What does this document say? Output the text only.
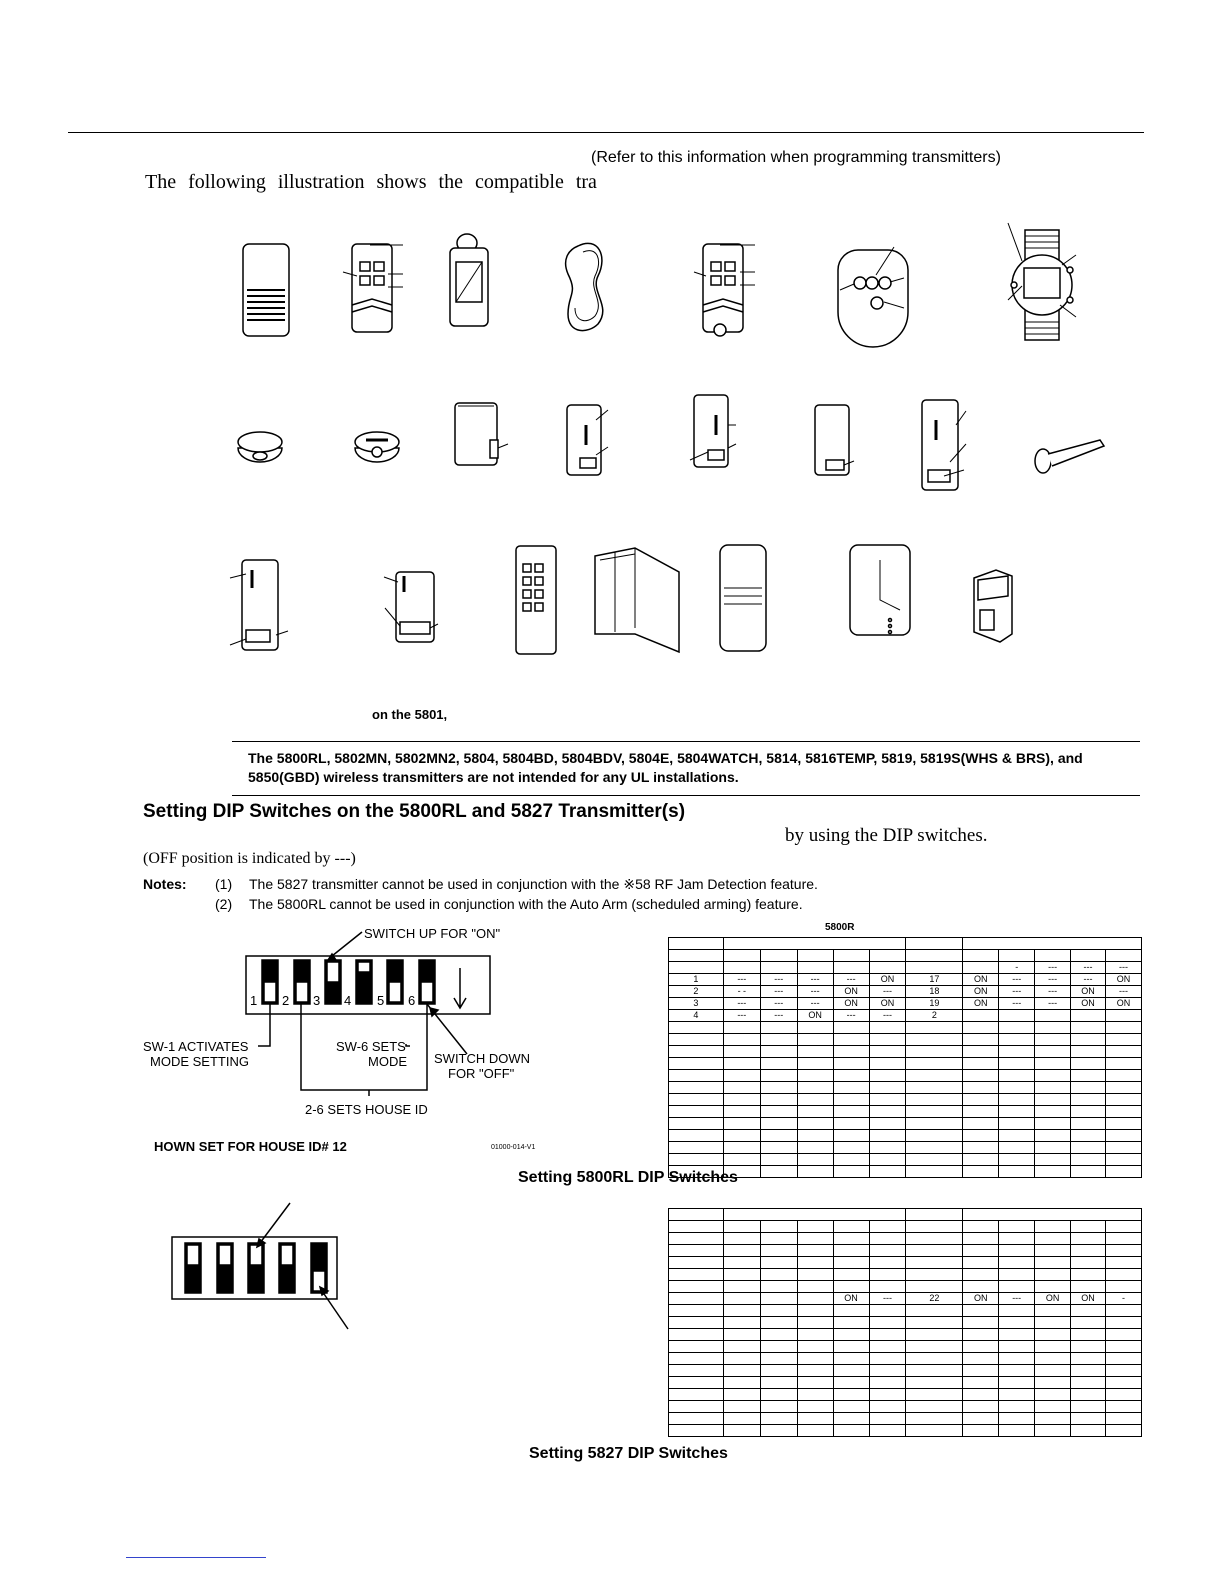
(Refer to this information when programming transmitters)
The following illustration shows the compatible tra
on the 5801,
The 5800RL, 5802MN, 5802MN2, 5804, 5804BD, 5804BDV, 5804E, 5804WATCH, 5814, 5816TEMP, 5819, 5819S(WHS & BRS), and 5850(GBD) wireless transmitters are not intended for any UL installations.
Setting DIP Switches on the 5800RL and 5827 Transmitter(s)
by using the DIP switches.
(OFF position is indicated by ---)
Notes: (1) The 5827 transmitter cannot be used in conjunction with the ※58 RF Jam Detection feature.
(2) The 5800RL cannot be used in conjunction with the Auto Arm (scheduled arming) feature.
SWITCH UP FOR "ON"
1 2 3 4 5 6
SW-1 ACTIVATES
MODE SETTING
SW-6 SETS
MODE SWITCH DOWN
FOR "OFF"
2-6 SETS HOUSE ID
HOWN SET FOR HOUSE ID# 12	01000-014-V1
5800R

								-	---	---	---
1	---	---	---	---	ON	17	ON	---	---	---	ON
2	- -	---	---	ON	---	18	ON	---	---	ON	---
3	---	---	---	ON	ON	19	ON	---	---	ON	ON
4	---	---	ON	---	---	2					

Setting 5800RL DIP Switches

				ON	---	22	ON	---	ON	ON	-

Setting 5827 DIP Switches
